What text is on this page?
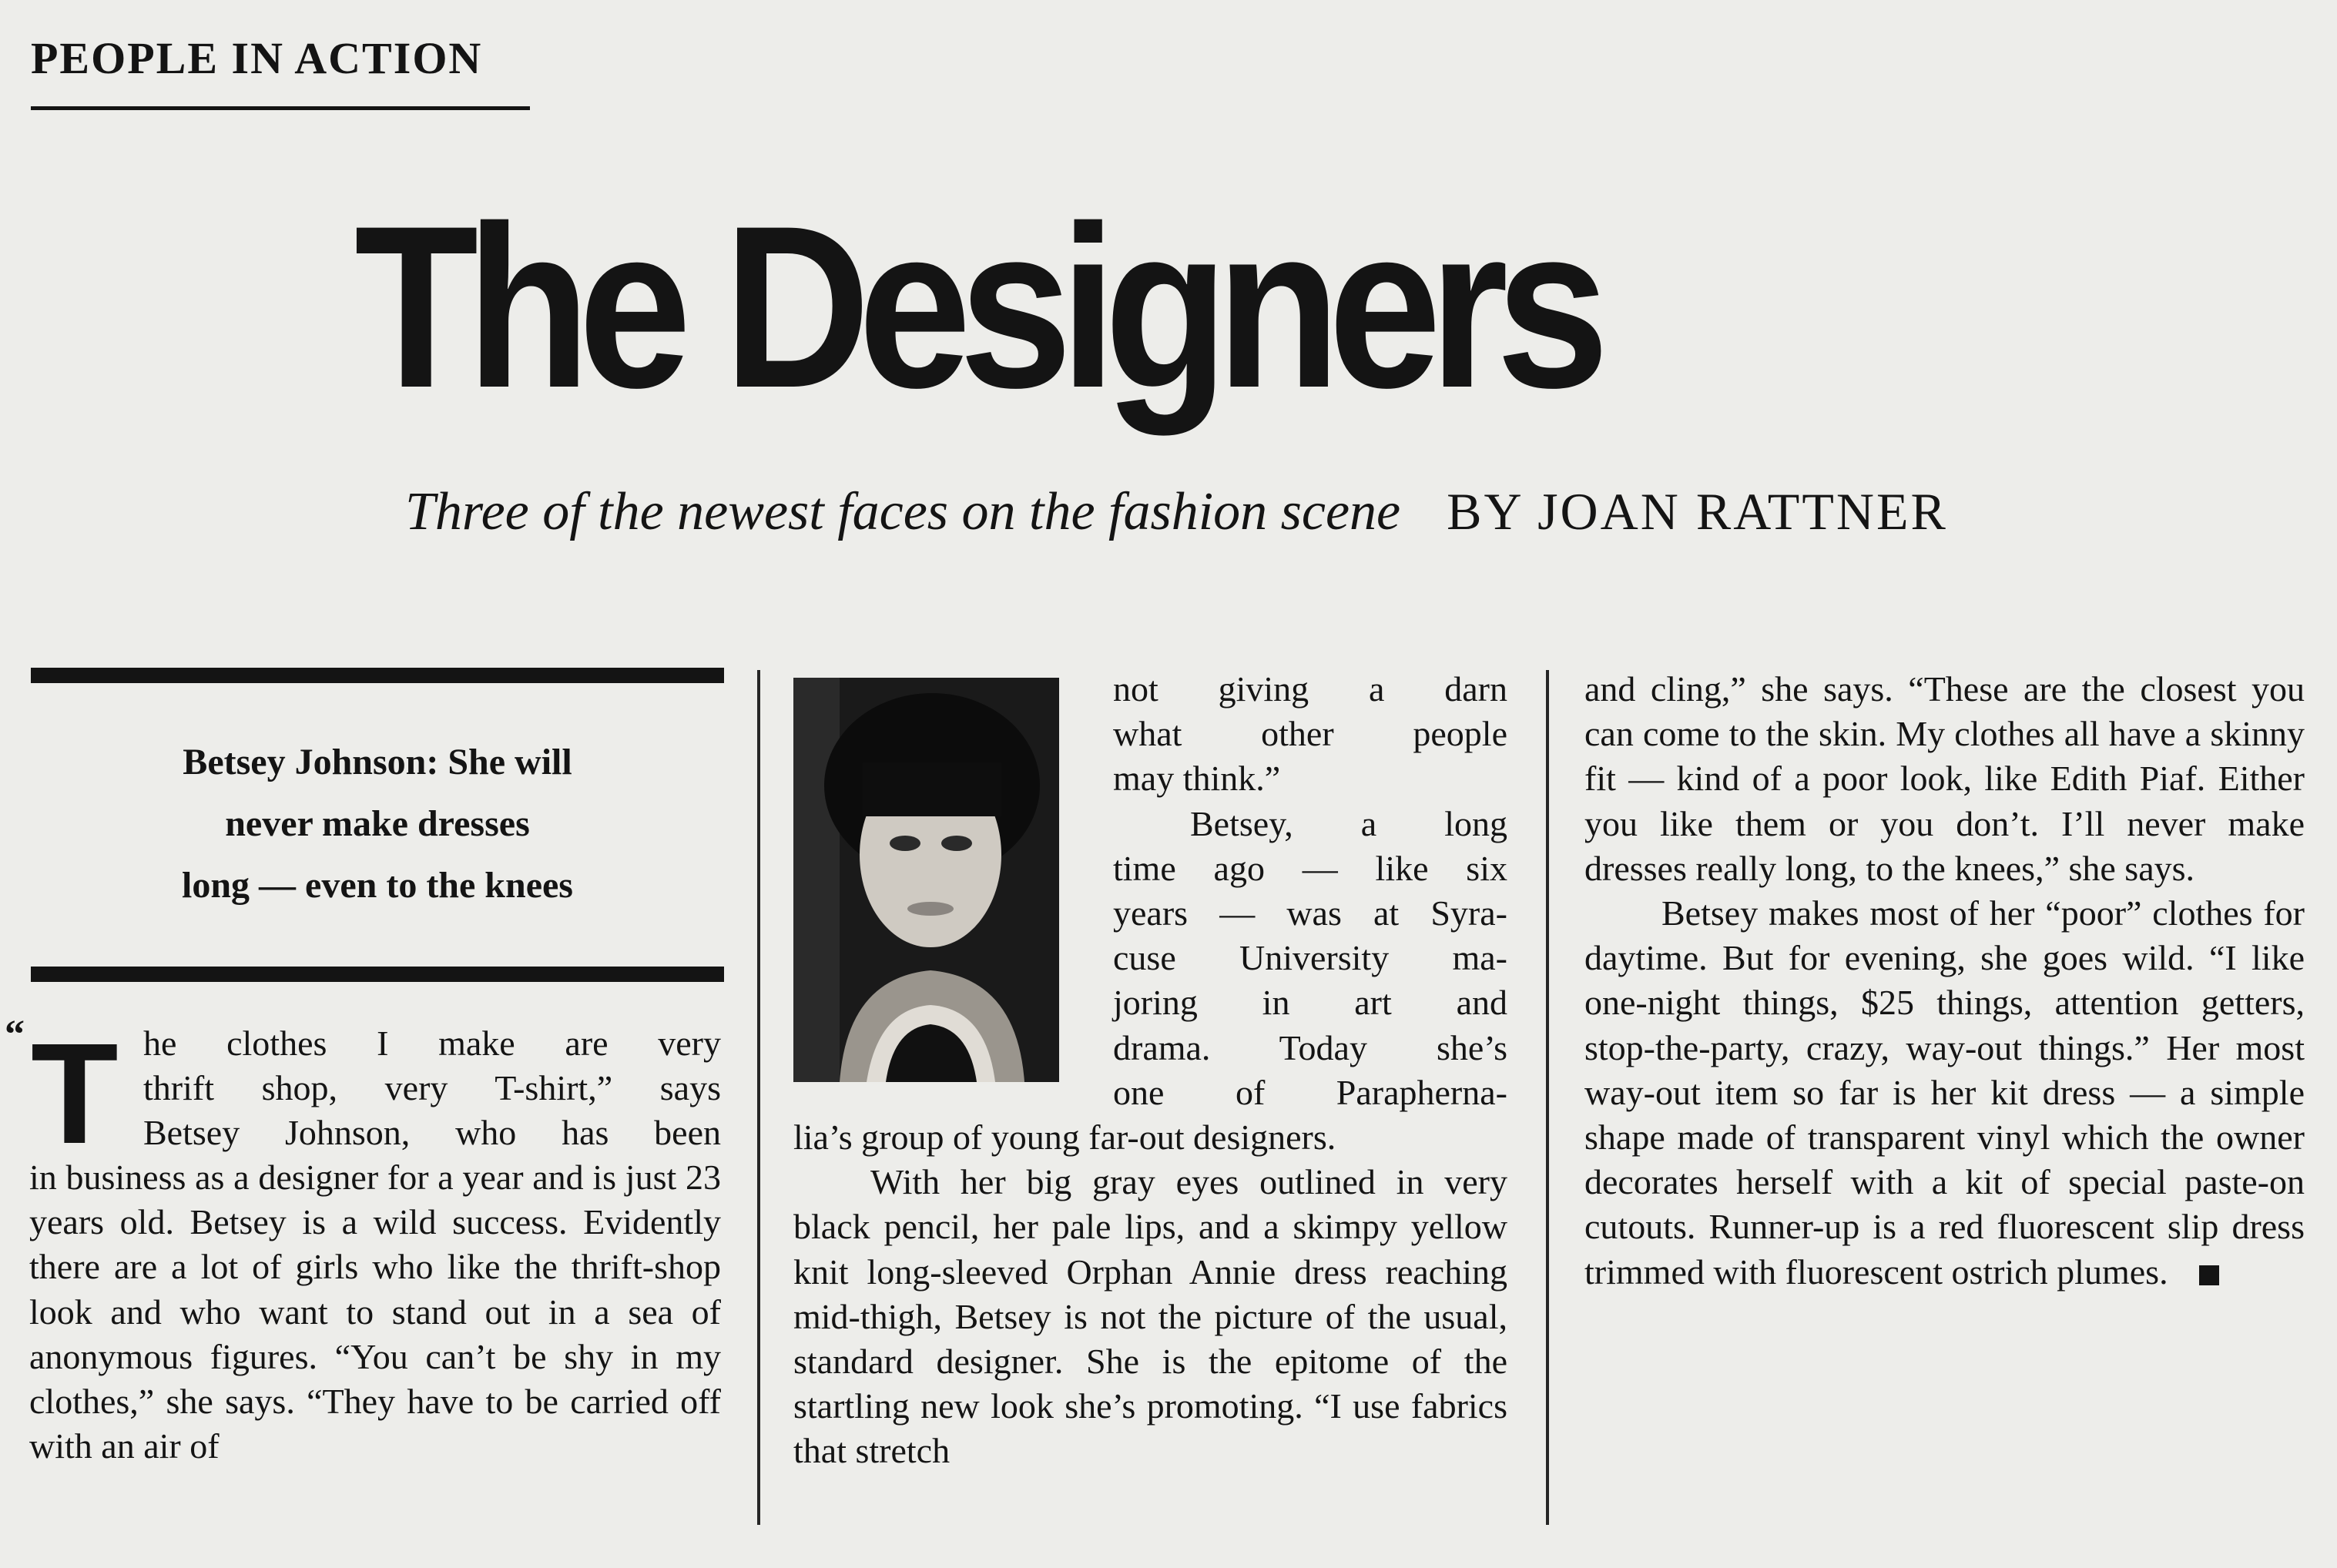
PEOPLE IN ACTION
The Designers
Three of the newest faces on the fashion scene BY JOAN RATTNER
Betsey Johnson: She will
never make dresses
long — even to the knees
“ T he clothes I make are very
thrift shop, very T-shirt,” says
Betsey Johnson, who has been

in business as a designer for a year and is just 23 years old. Betsey is a wild success. Evidently there are a lot of girls who like the thrift-shop look and who want to stand out in a sea of anonymous figures. “You can’t be shy in my clothes,” she says. “They have to be carried off with an air of

not giving a darn
what other people
may think.”
Betsey, a long
time ago — like six
years — was at Syra-
cuse University ma-
joring in art and
drama. Today she’s
one of Paraphernа-
lia’s group of young far-out designers.

With her big gray eyes outlined in very black pencil, her pale lips, and a skimpy yellow knit long-sleeved Orphan Annie dress reaching mid-thigh, Betsey is not the picture of the usual, standard designer. She is the epitome of the startling new look she’s promoting. “I use fabrics that stretch

and cling,” she says. “These are the closest you can come to the skin. My clothes all have a skinny fit — kind of a poor look, like Edith Piaf. Either you like them or you don’t. I’ll never make dresses really long, to the knees,” she says.

Betsey makes most of her “poor” clothes for daytime. But for evening, she goes wild. “I like one-night things, $25 things, attention getters, stop-the-party, crazy, way-out things.” Her most way-out item so far is her kit dress — a simple shape made of transparent vinyl which the owner decorates herself with a kit of special paste-on cutouts. Runner-up is a red fluorescent slip dress trimmed with fluorescent ostrich plumes.
